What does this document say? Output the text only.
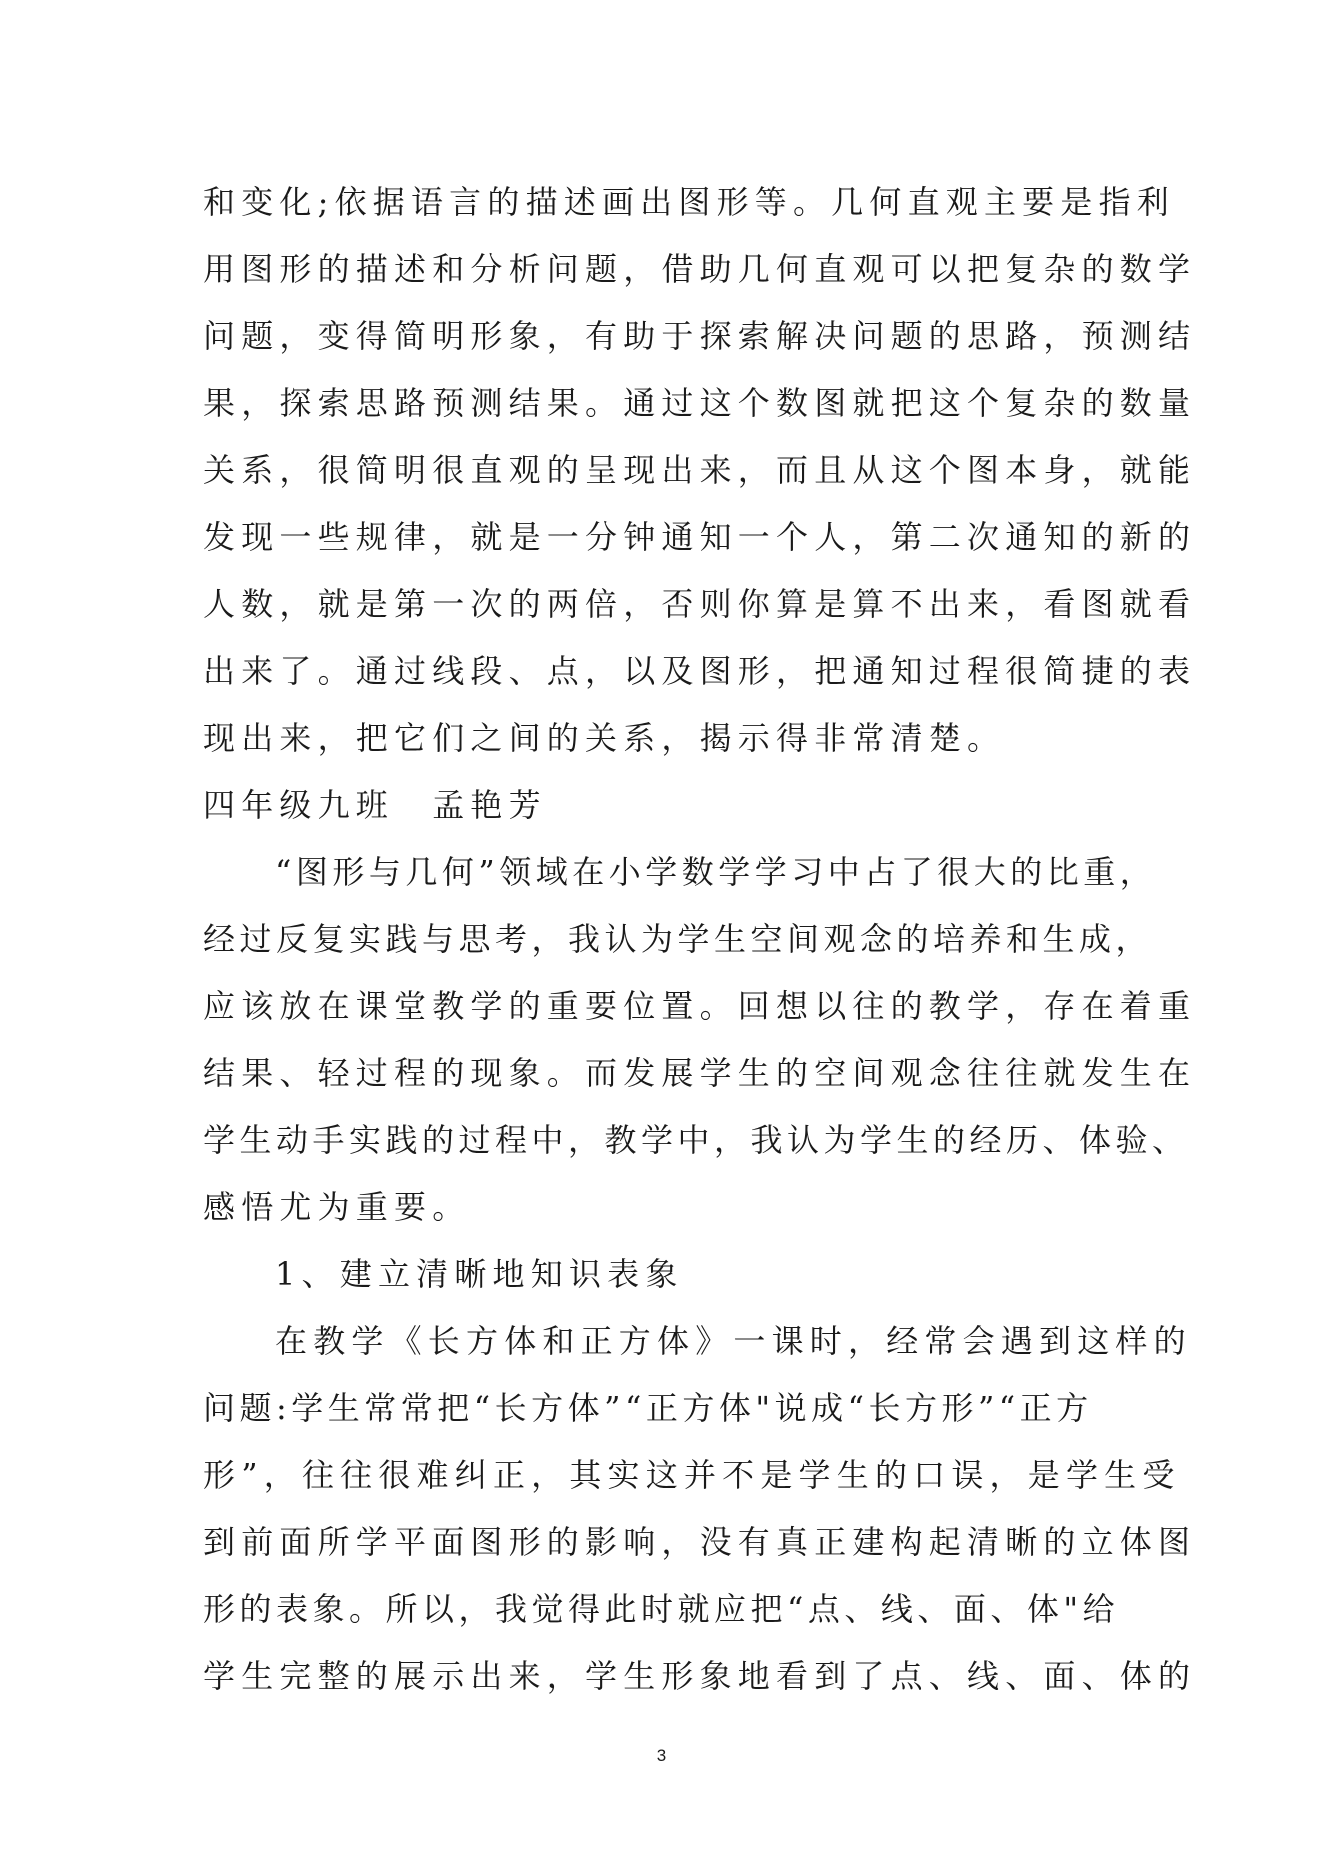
和变化;依据语言的描述画出图形等。几何直观主要是指利
用图形的描述和分析问题，借助几何直观可以把复杂的数学
问题，变得简明形象，有助于探索解决问题的思路，预测结
果，探索思路预测结果。通过这个数图就把这个复杂的数量
关系，很简明很直观的呈现出来，而且从这个图本身，就能
发现一些规律，就是一分钟通知一个人，第二次通知的新的
人数，就是第一次的两倍，否则你算是算不出来，看图就看
出来了。通过线段、点，以及图形，把通知过程很简捷的表
现出来，把它们之间的关系，揭示得非常清楚。
四年级九班　孟艳芳
“图形与几何”领域在小学数学学习中占了很大的比重，
经过反复实践与思考，我认为学生空间观念的培养和生成，
应该放在课堂教学的重要位置。回想以往的教学，存在着重
结果、轻过程的现象。而发展学生的空间观念往往就发生在
学生动手实践的过程中，教学中，我认为学生的经历、体验、
感悟尤为重要。
1、建立清晰地知识表象
在教学《长方体和正方体》一课时，经常会遇到这样的
问题:学生常常把“长方体”“正方体"说成“长方形”“正方
形”，往往很难纠正，其实这并不是学生的口误，是学生受
到前面所学平面图形的影响，没有真正建构起清晰的立体图
形的表象。所以，我觉得此时就应把“点、线、面、体"给
学生完整的展示出来，学生形象地看到了点、线、面、体的
3
